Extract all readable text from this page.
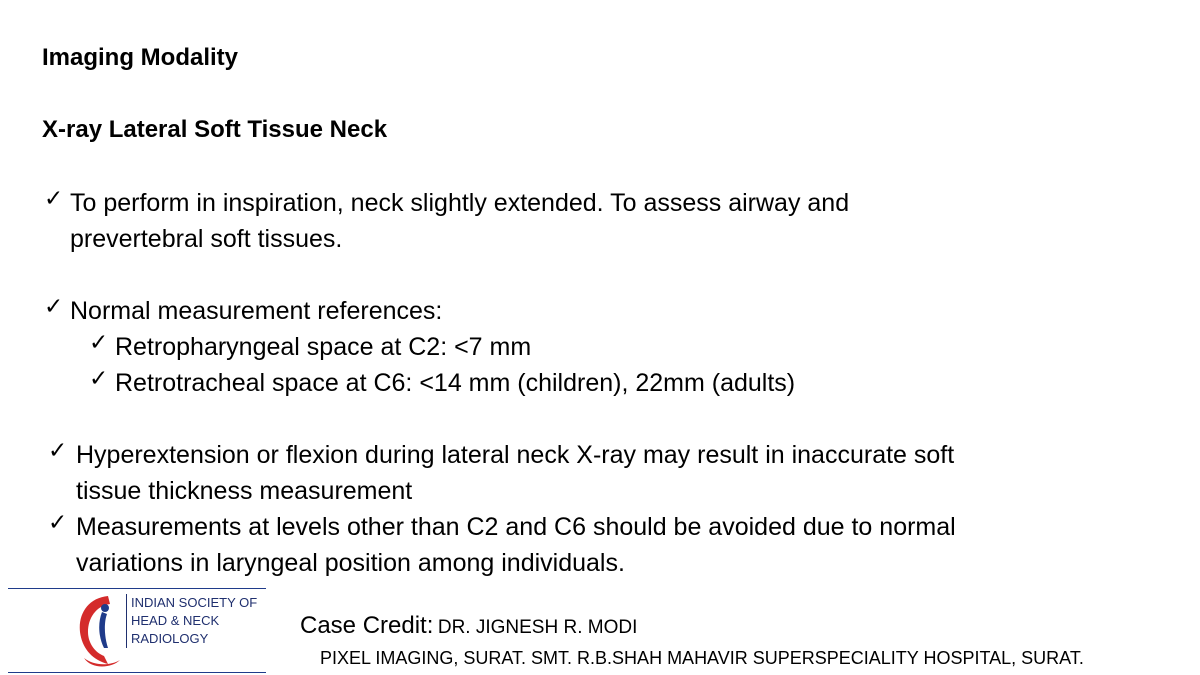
Imaging Modality
X-ray Lateral Soft Tissue Neck
✓ To perform in inspiration, neck slightly extended. To assess airway and
prevertebral soft tissues.
✓ Normal measurement references:
✓ Retropharyngeal space at C2: <7 mm
✓ Retrotracheal space at C6: <14 mm (children), 22mm (adults)
✓ Hyperextension or flexion during lateral neck X-ray may result in inaccurate soft
tissue thickness measurement
✓ Measurements at levels other than C2 and C6 should be avoided due to normal
variations in laryngeal position among individuals.
INDIAN SOCIETY OF
HEAD & NECK
RADIOLOGY	Case Credit: DR. JIGNESH R. MODI
PIXEL IMAGING, SURAT. SMT. R.B.SHAH MAHAVIR SUPERSPECIALITY HOSPITAL, SURAT.
